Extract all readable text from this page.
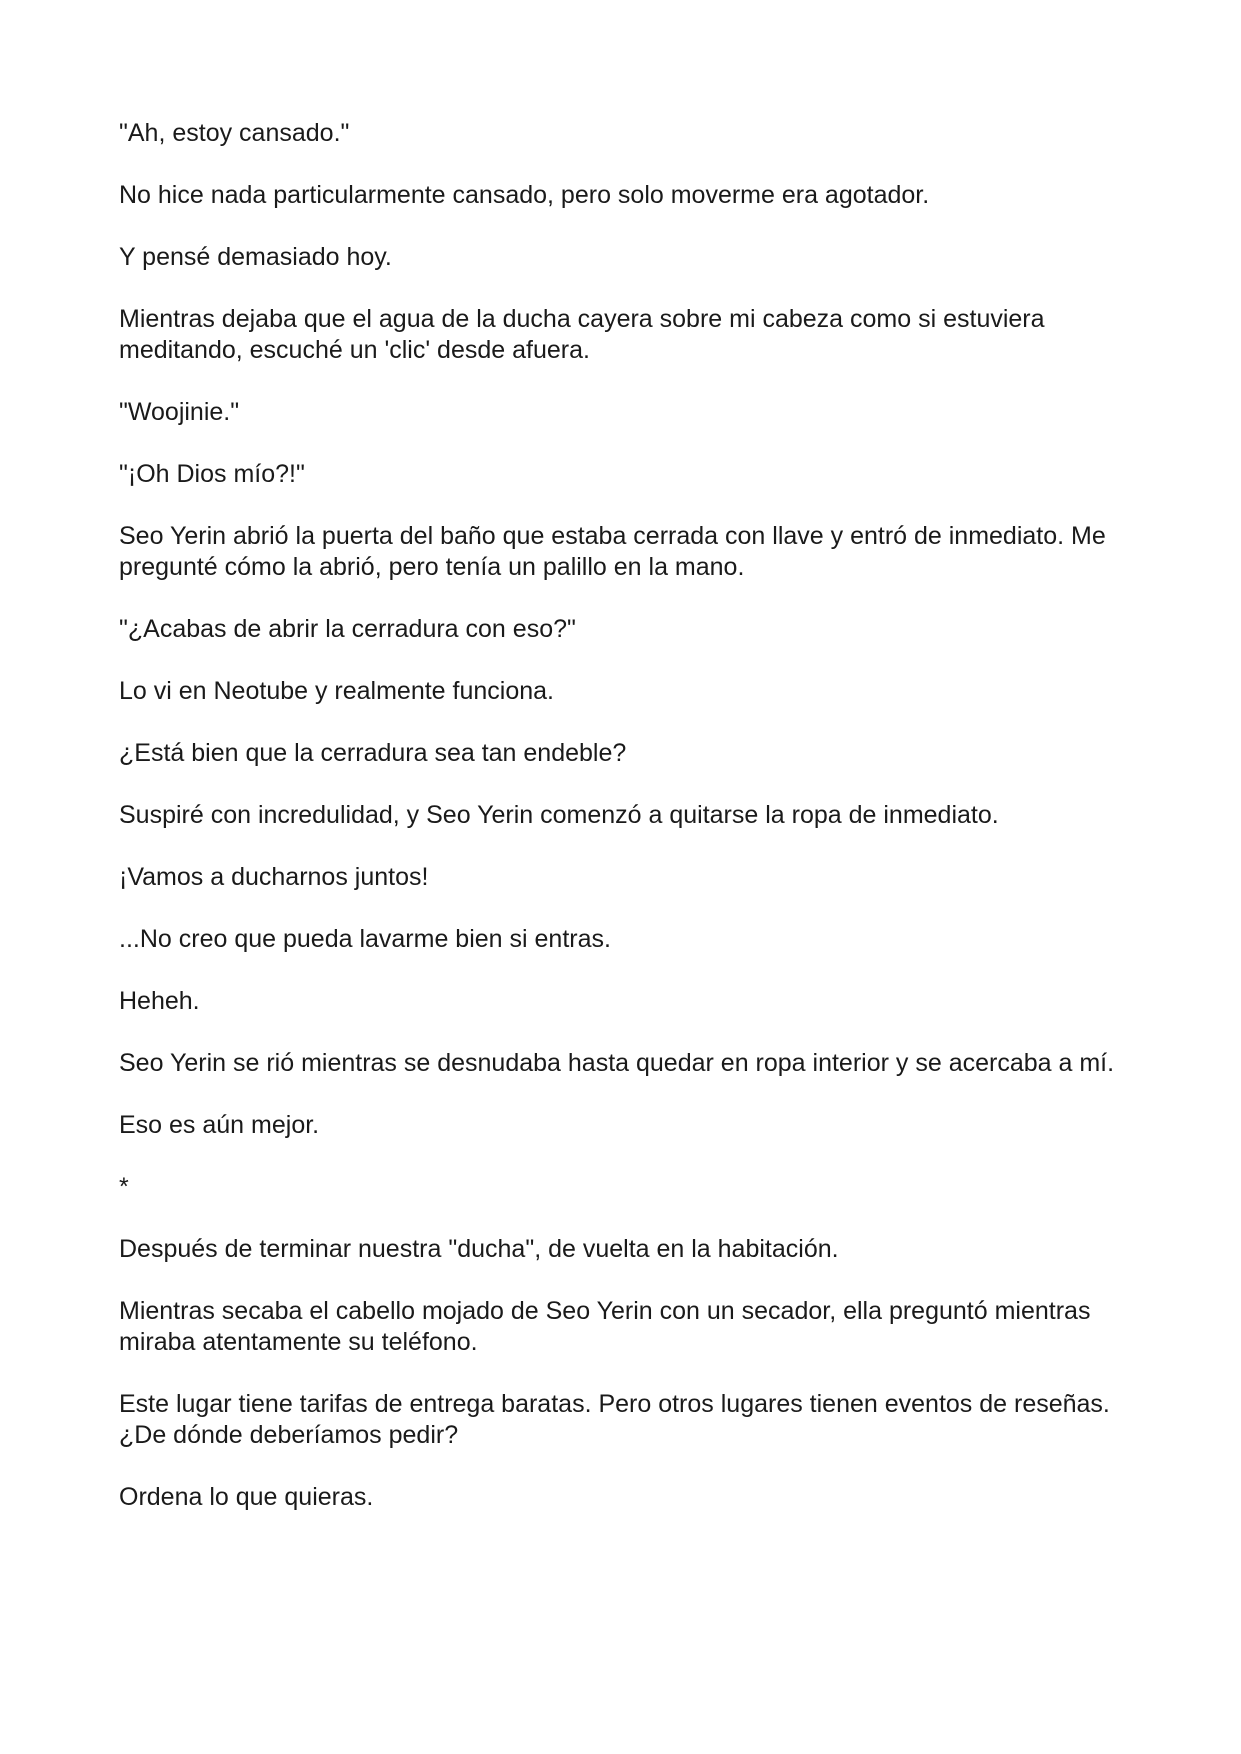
"Ah, estoy cansado."

No hice nada particularmente cansado, pero solo moverme era agotador.

Y pensé demasiado hoy.

Mientras dejaba que el agua de la ducha cayera sobre mi cabeza como si estuviera meditando, escuché un 'clic' desde afuera.

"Woojinie."

"¡Oh Dios mío?!"

Seo Yerin abrió la puerta del baño que estaba cerrada con llave y entró de inmediato. Me pregunté cómo la abrió, pero tenía un palillo en la mano.

"¿Acabas de abrir la cerradura con eso?"

Lo vi en Neotube y realmente funciona.

¿Está bien que la cerradura sea tan endeble?

Suspiré con incredulidad, y Seo Yerin comenzó a quitarse la ropa de inmediato.

¡Vamos a ducharnos juntos!

...No creo que pueda lavarme bien si entras.

Heheh.

Seo Yerin se rió mientras se desnudaba hasta quedar en ropa interior y se acercaba a mí.

Eso es aún mejor.

*

Después de terminar nuestra "ducha", de vuelta en la habitación.

Mientras secaba el cabello mojado de Seo Yerin con un secador, ella preguntó mientras miraba atentamente su teléfono.

Este lugar tiene tarifas de entrega baratas. Pero otros lugares tienen eventos de reseñas. ¿De dónde deberíamos pedir?

Ordena lo que quieras.
